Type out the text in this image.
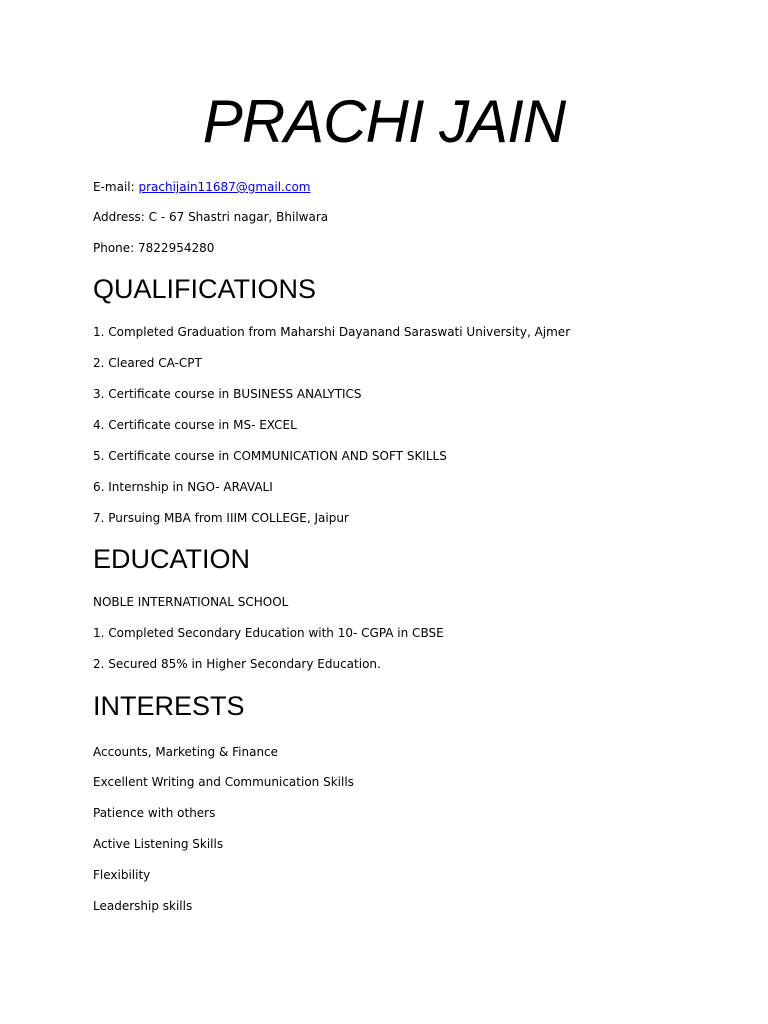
PRACHI JAIN
E-mail: prachijain11687@gmail.com
Address: C - 67 Shastri nagar, Bhilwara
Phone: 7822954280
QUALIFICATIONS
1. Completed Graduation from Maharshi Dayanand Saraswati University, Ajmer
2. Cleared CA-CPT
3. Certificate course in BUSINESS ANALYTICS
4. Certificate course in MS- EXCEL
5. Certificate course in COMMUNICATION AND SOFT SKILLS
6. Internship in NGO- ARAVALI
7. Pursuing MBA from IIIM COLLEGE, Jaipur
EDUCATION
NOBLE INTERNATIONAL SCHOOL
1. Completed Secondary Education with 10- CGPA in CBSE
2. Secured 85% in Higher Secondary Education.
INTERESTS
Accounts, Marketing & Finance
Excellent Writing and Communication Skills
Patience with others
Active Listening Skills
Flexibility
Leadership skills
